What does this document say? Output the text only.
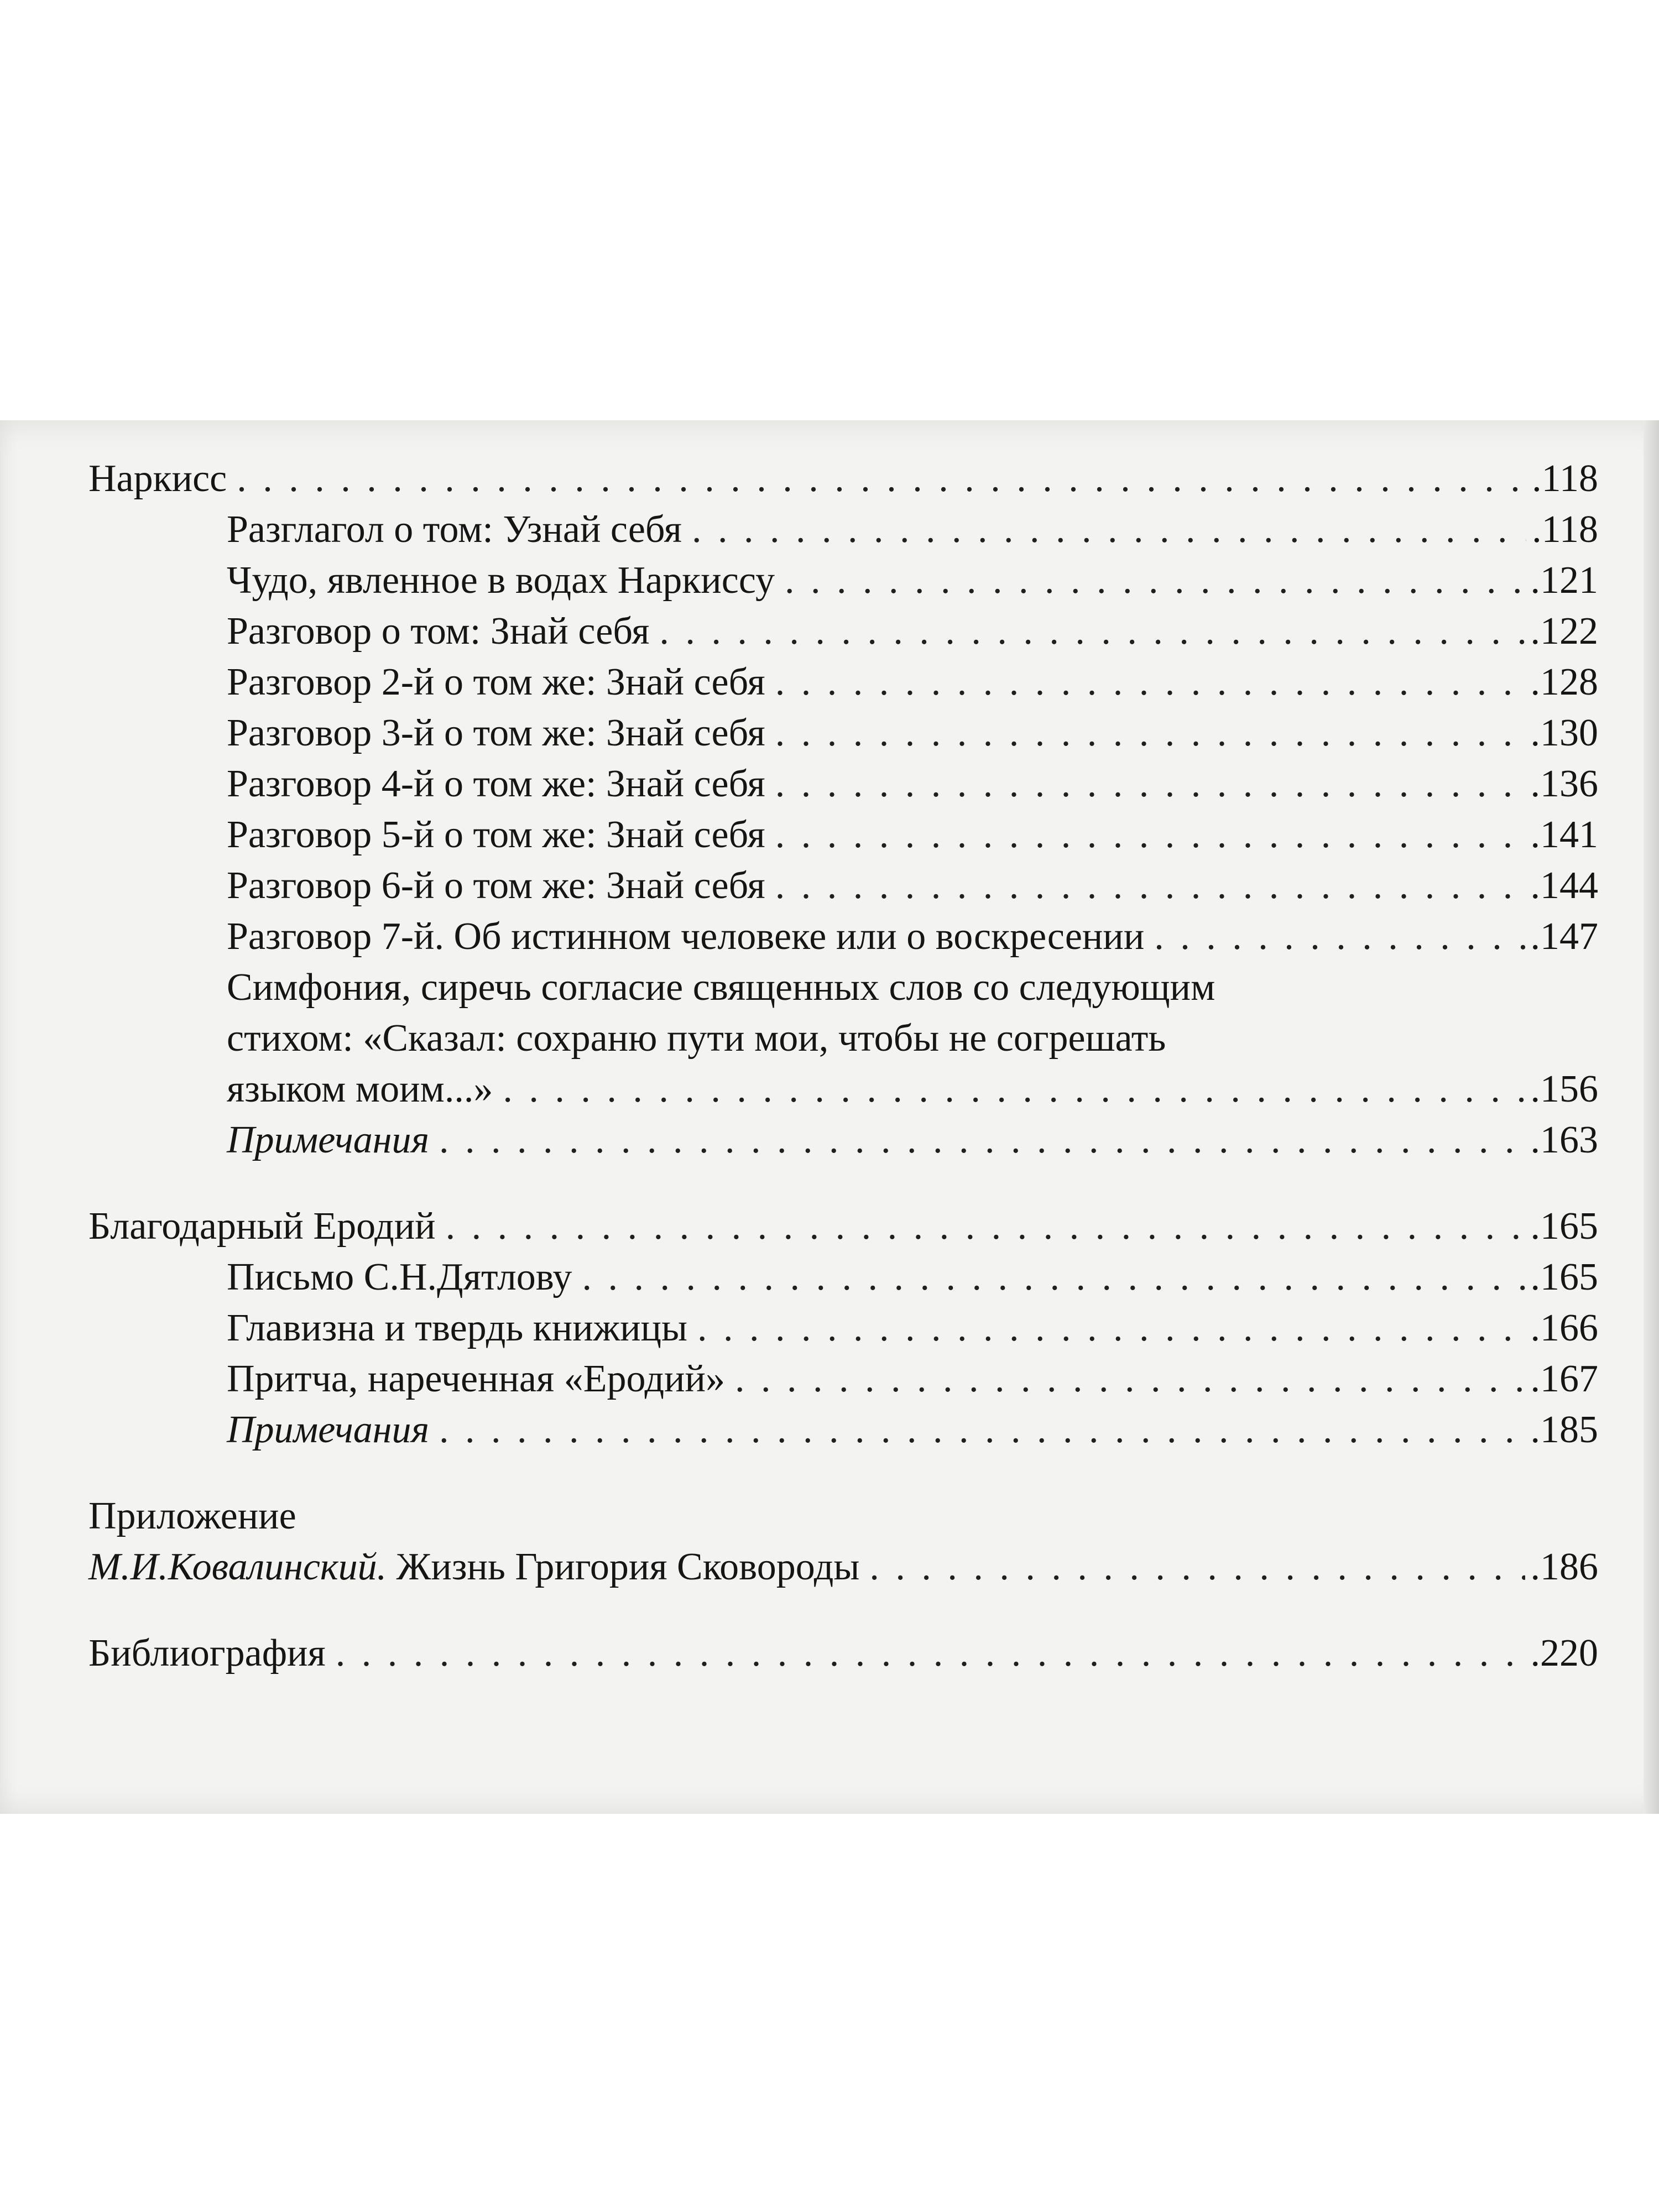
Наркисс . . .	.118
Разглагол о том: Узнай себя . . .	.118
Чудо, явленное в водах Наркиссу . . .	.121
Разговор о том: Знай себя . . .	.122
Разговор 2-й о том же: Знай себя . . .	.128
Разговор 3-й о том же: Знай себя . . .	.130
Разговор 4-й о том же: Знай себя . . .	.136
Разговор 5-й о том же: Знай себя . . .	.141
Разговор 6-й о том же: Знай себя . . .	.144
Разговор 7-й. Об истинном человеке или о воскресении . . .	.147
Симфония, сиречь согласие священных слов со следующим
стихом: «Сказал: сохраню пути мои, чтобы не согрешать
языком моим...» . . .	.156
Примечания . . .	.163
Благодарный Еродий . . .	.165
Письмо С.Н.Дятлову . . .	.165
Главизна и твердь книжицы . . .	.166
Притча, нареченная «Еродий» . . .	.167
Примечания . . .	.185
Приложение
М.И.Ковалинский. Жизнь Григория Сковороды . . .	.186
Библиография . . .	.220
